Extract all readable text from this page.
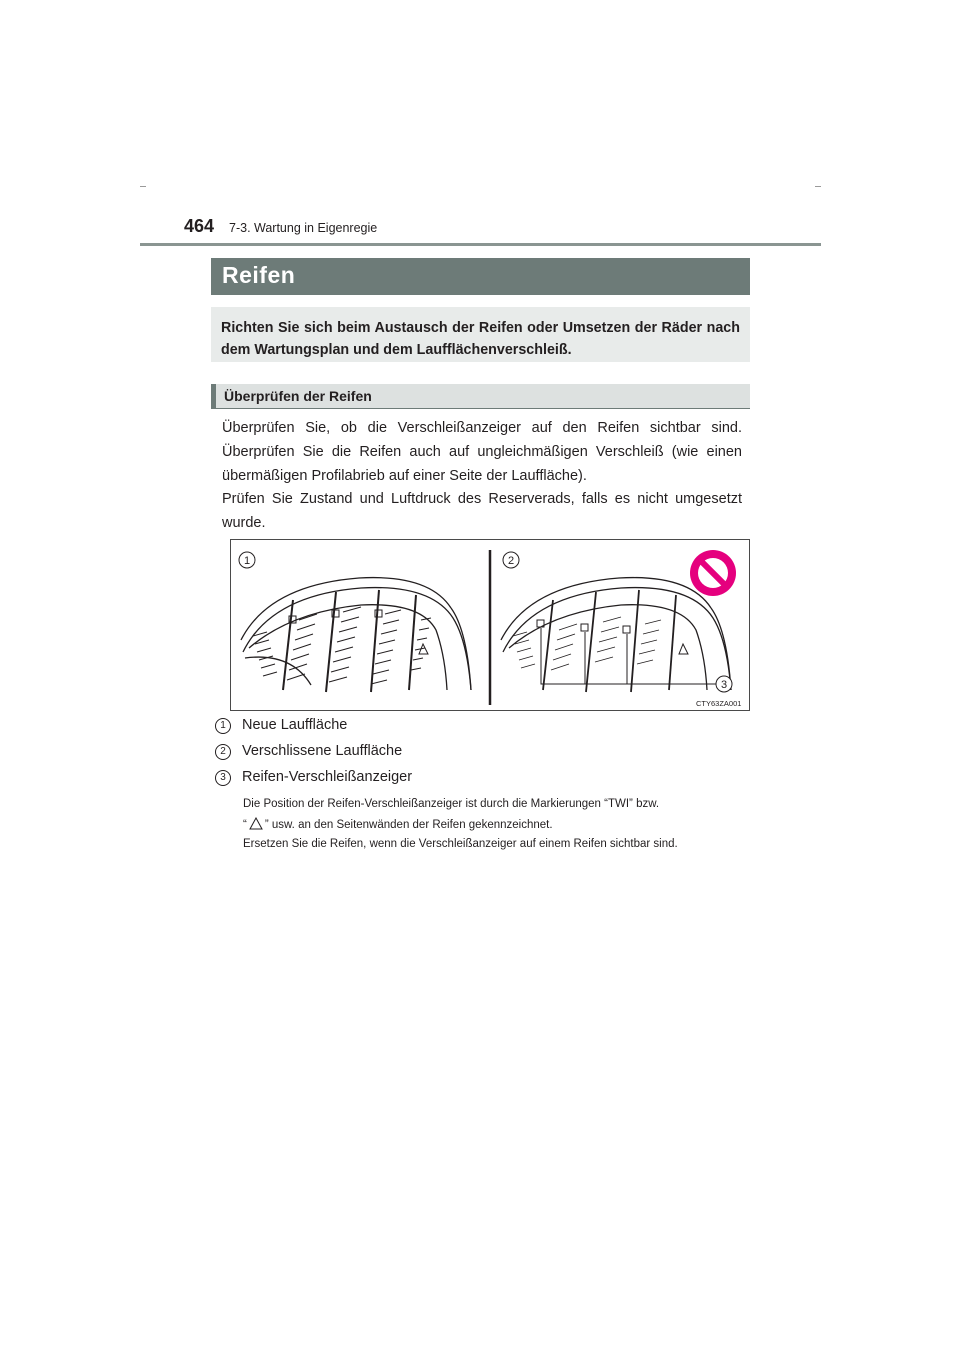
464 7-3. Wartung in Eigenregie
Reifen

Richten Sie sich beim Austausch der Reifen oder Umsetzen der Räder nach dem Wartungsplan und dem Laufflächenverschleiß.

Überprüfen der Reifen

Überprüfen Sie, ob die Verschleißanzeiger auf den Reifen sichtbar sind. Überprüfen Sie die Reifen auch auf ungleichmäßigen Verschleiß (wie einen übermäßigen Profilabrieb auf einer Seite der Lauffläche).

Prüfen Sie Zustand und Luftdruck des Reserverads, falls es nicht umgesetzt wurde.

1	2
3
CTY63ZA001
1	Neue Lauffläche
2	Verschlissene Lauffläche
3	Reifen-Verschleißanzeiger

Die Position der Reifen-Verschleißanzeiger ist durch die Markierungen “TWI” bzw.
“ ” usw. an den Seitenwänden der Reifen gekennzeichnet.

Ersetzen Sie die Reifen, wenn die Verschleißanzeiger auf einem Reifen sichtbar sind.
